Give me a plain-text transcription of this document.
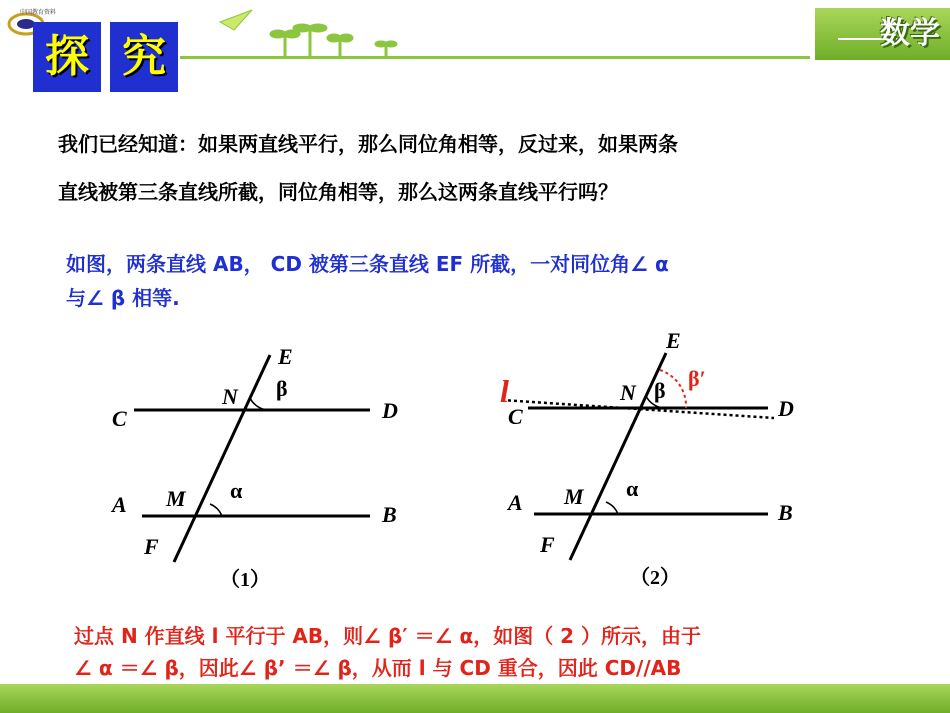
中国教育资料
数学
探 究
我们已经知道：如果两直线平行，那么同位角相等，反过来，如果两条
直线被第三条直线所截，同位角相等，那么这两条直线平行吗？
如图，两条直线 AB， CD 被第三条直线 EF 所截，一对同位角∠ α
与∠ β 相等.
E
N β
C	D
A M α
B
F
（1）
E
l	N β β′
C	D
A M α
B
F
（2）
过点 N 作直线 l 平行于 AB，则∠ β′ ＝∠ α，如图（ 2 ）所示，由于
∠ α ＝∠ β，因此∠ β’ ＝∠ β，从而 l 与 CD 重合，因此 CD//AB
